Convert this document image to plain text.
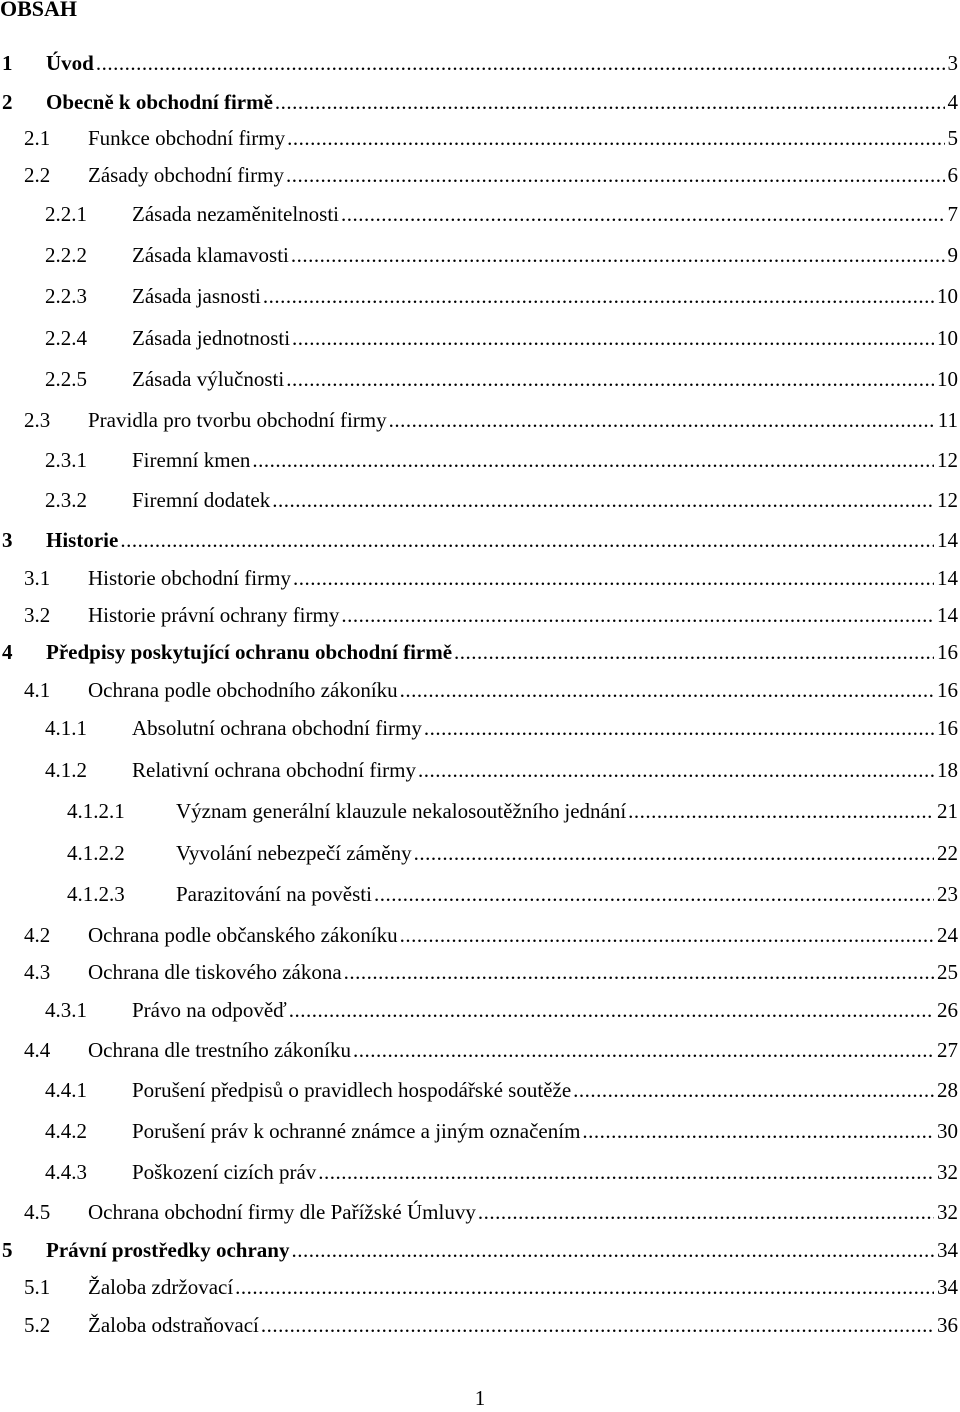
OBSAH
1	Úvod .....	3
2	Obecně k obchodní firmě .....	4
2.1	Funkce obchodní firmy .....	5
2.2	Zásady obchodní firmy .....	6
2.2.1	Zásada nezaměnitelnosti .....	7
2.2.2	Zásada klamavosti .....	9
2.2.3	Zásada jasnosti .....	10
2.2.4	Zásada jednotnosti .....	10
2.2.5	Zásada výlučnosti .....	10
2.3	Pravidla pro tvorbu obchodní firmy .....	11
2.3.1	Firemní kmen .....	12
2.3.2	Firemní dodatek .....	12
3	Historie .....	14
3.1	Historie obchodní firmy .....	14
3.2	Historie právní ochrany firmy .....	14
4	Předpisy poskytující ochranu obchodní firmě .....	16
4.1	Ochrana podle obchodního zákoníku .....	16
4.1.1	Absolutní ochrana obchodní firmy .....	16
4.1.2	Relativní ochrana obchodní firmy .....	18
4.1.2.1	Význam generální klauzule nekalosoutěžního jednání .....	21
4.1.2.2	Vyvolání nebezpečí záměny .....	22
4.1.2.3	Parazitování na pověsti .....	23
4.2	Ochrana podle občanského zákoníku .....	24
4.3	Ochrana dle tiskového zákona .....	25
4.3.1	Právo na odpověď .....	26
4.4	Ochrana dle trestního zákoníku .....	27
4.4.1	Porušení předpisů o pravidlech hospodářské soutěže .....	28
4.4.2	Porušení práv k ochranné známce a jiným označením .....	30
4.4.3	Poškození cizích práv .....	32
4.5	Ochrana obchodní firmy dle Pařížské Úmluvy .....	32
5	Právní prostředky ochrany .....	34
5.1	Žaloba zdržovací .....	34
5.2	Žaloba odstraňovací .....	36
1
